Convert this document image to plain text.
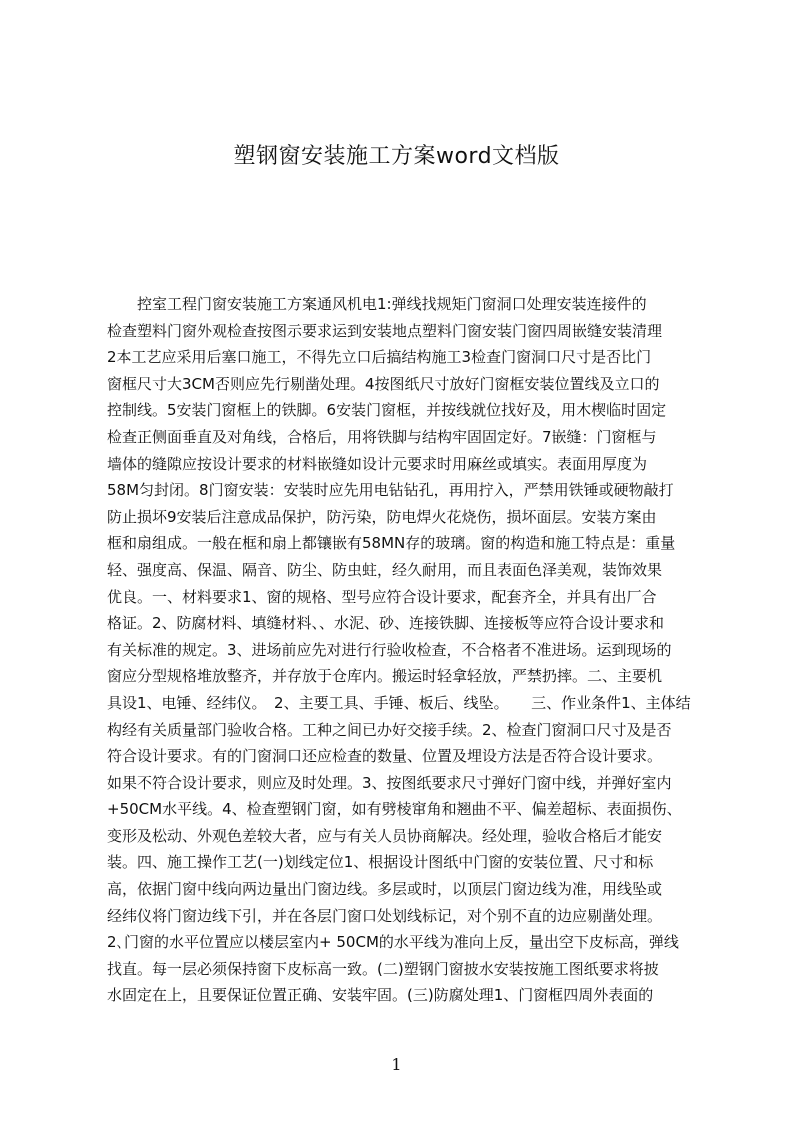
塑钢窗安装施工方案word文档版
　　控室工程门窗安装施工方案通风机电1:弹线找规矩门窗洞口处理安装连接件的
检查塑料门窗外观检查按图示要求运到安装地点塑料门窗安装门窗四周嵌缝安装清理
2本工艺应采用后塞口施工，不得先立口后搞结构施工3检查门窗洞口尺寸是否比门
窗框尺寸大3CM否则应先行剔凿处理。4按图纸尺寸放好门窗框安装位置线及立口的
控制线。5安装门窗框上的铁脚。6安装门窗框，并按线就位找好及，用木楔临时固定
检查正侧面垂直及对角线，合格后，用将铁脚与结构牢固固定好。7嵌缝：门窗框与
墙体的缝隙应按设计要求的材料嵌缝如设计元要求时用麻丝或填实。表面用厚度为
58M匀封闭。8门窗安装：安装时应先用电钻钻孔，再用拧入，严禁用铁锤或硬物敲打
防止损坏9安装后注意成品保护，防污染，防电焊火花烧伤，损坏面层。安装方案由
框和扇组成。一般在框和扇上都镶嵌有58MN存的玻璃。窗的构造和施工特点是：重量
轻、强度高、保温、隔音、防尘、防虫蛀，经久耐用，而且表面色泽美观，装饰效果
优良。一、材料要求1、窗的规格、型号应符合设计要求，配套齐全，并具有出厂合
格证。2、防腐材料、填缝材料、、水泥、砂、连接铁脚、连接板等应符合设计要求和
有关标准的规定。3、进场前应先对进行行验收检查，不合格者不准进场。运到现场的
窗应分型规格堆放整齐，并存放于仓库内。搬运时轻拿轻放，严禁扔摔。二、主要机
具设1、电锤、经纬仪。　2、主要工具、手锤、板后、线坠。　　三、作业条件1、主体结
构经有关质量部门验收合格。工种之间已办好交接手续。2、检查门窗洞口尺寸及是否
符合设计要求。有的门窗洞口还应检查的数量、位置及埋设方法是否符合设计要求。
如果不符合设计要求，则应及时处理。3、按图纸要求尺寸弹好门窗中线，并弹好室内
+50CM水平线。4、检查塑钢门窗，如有劈棱窜角和翘曲不平、偏差超标、表面损伤、
变形及松动、外观色差较大者，应与有关人员协商解决。经处理，验收合格后才能安
装。四、施工操作工艺(一)划线定位1、根据设计图纸中门窗的安装位置、尺寸和标
高，依据门窗中线向两边量出门窗边线。多层或时，以顶层门窗边线为准，用线坠或
经纬仪将门窗边线下引，并在各层门窗口处划线标记，对个别不直的边应剔凿处理。
2､门窗的水平位置应以楼层室内+ 50CM的水平线为准向上反，量出空下皮标高，弹线
找直。每一层必须保持窗下皮标高一致。(二)塑钢门窗披水安装按施工图纸要求将披
水固定在上，且要保证位置正确、安装牢固。(三)防腐处理1、门窗框四周外表面的
1
